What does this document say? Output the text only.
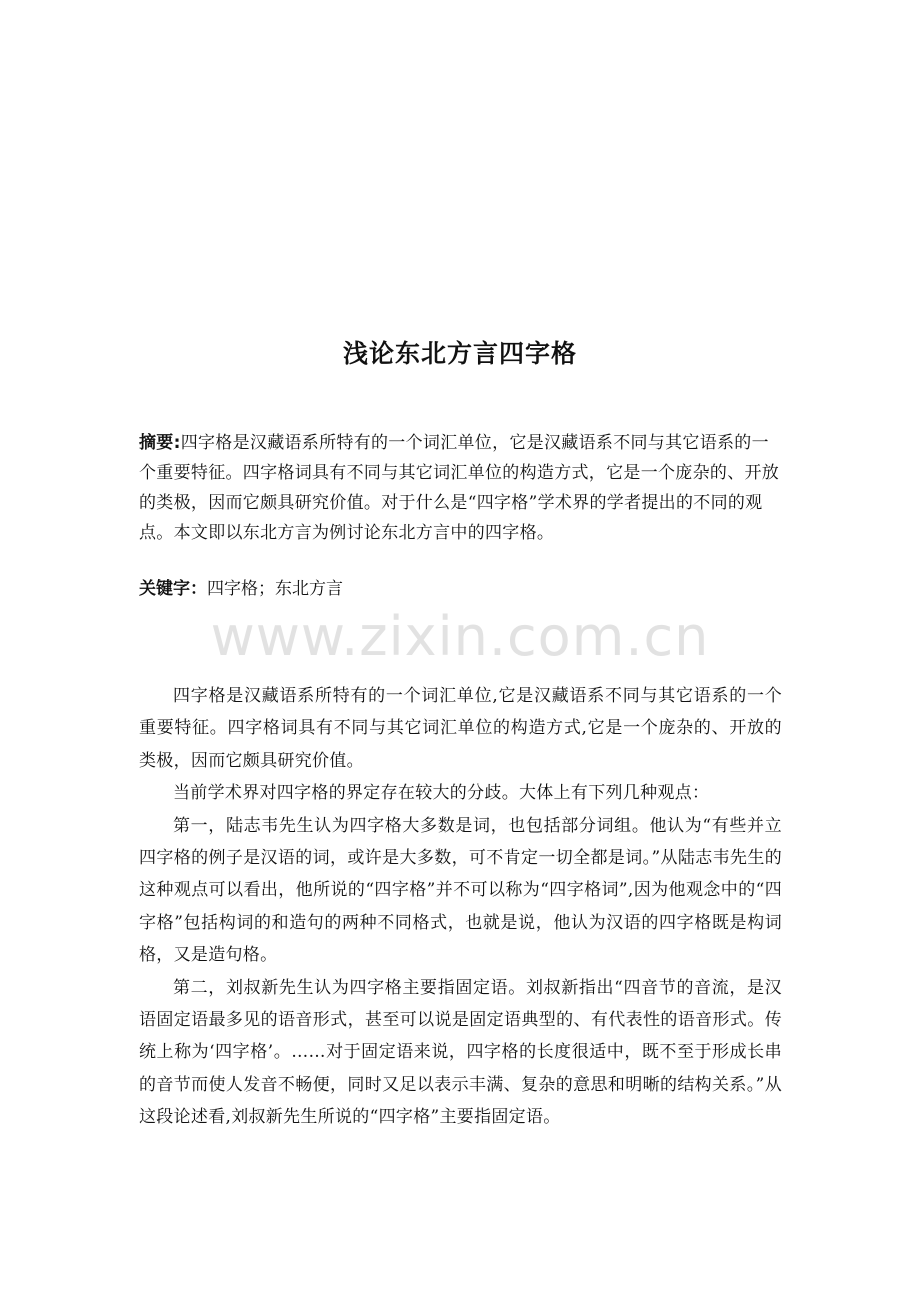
浅论东北方言四字格

摘要:四字格是汉藏语系所特有的一个词汇单位，它是汉藏语系不同与其它语系的一个重要特征。四字格词具有不同与其它词汇单位的构造方式，它是一个庞杂的、开放的类极，因而它颇具研究价值。对于什么是“四字格”学术界的学者提出的不同的观点。本文即以东北方言为例讨论东北方言中的四字格。

关键字：四字格；东北方言

www.zixin.com.cn

四字格是汉藏语系所特有的一个词汇单位,它是汉藏语系不同与其它语系的一个重要特征。四字格词具有不同与其它词汇单位的构造方式,它是一个庞杂的、开放的类极，因而它颇具研究价值。

当前学术界对四字格的界定存在较大的分歧。大体上有下列几种观点：

第一，陆志韦先生认为四字格大多数是词，也包括部分词组。他认为“有些并立四字格的例子是汉语的词，或许是大多数，可不肯定一切全都是词。”从陆志韦先生的这种观点可以看出，他所说的“四字格”并不可以称为“四字格词”,因为他观念中的“四字格”包括构词的和造句的两种不同格式，也就是说，他认为汉语的四字格既是构词格，又是造句格。

第二，刘叔新先生认为四字格主要指固定语。刘叔新指出“四音节的音流，是汉语固定语最多见的语音形式，甚至可以说是固定语典型的、有代表性的语音形式。传统上称为‘四字格’。……对于固定语来说，四字格的长度很适中，既不至于形成长串的音节而使人发音不畅便，同时又足以表示丰满、复杂的意思和明晰的结构关系。”从这段论述看,刘叔新先生所说的“四字格”主要指固定语。
